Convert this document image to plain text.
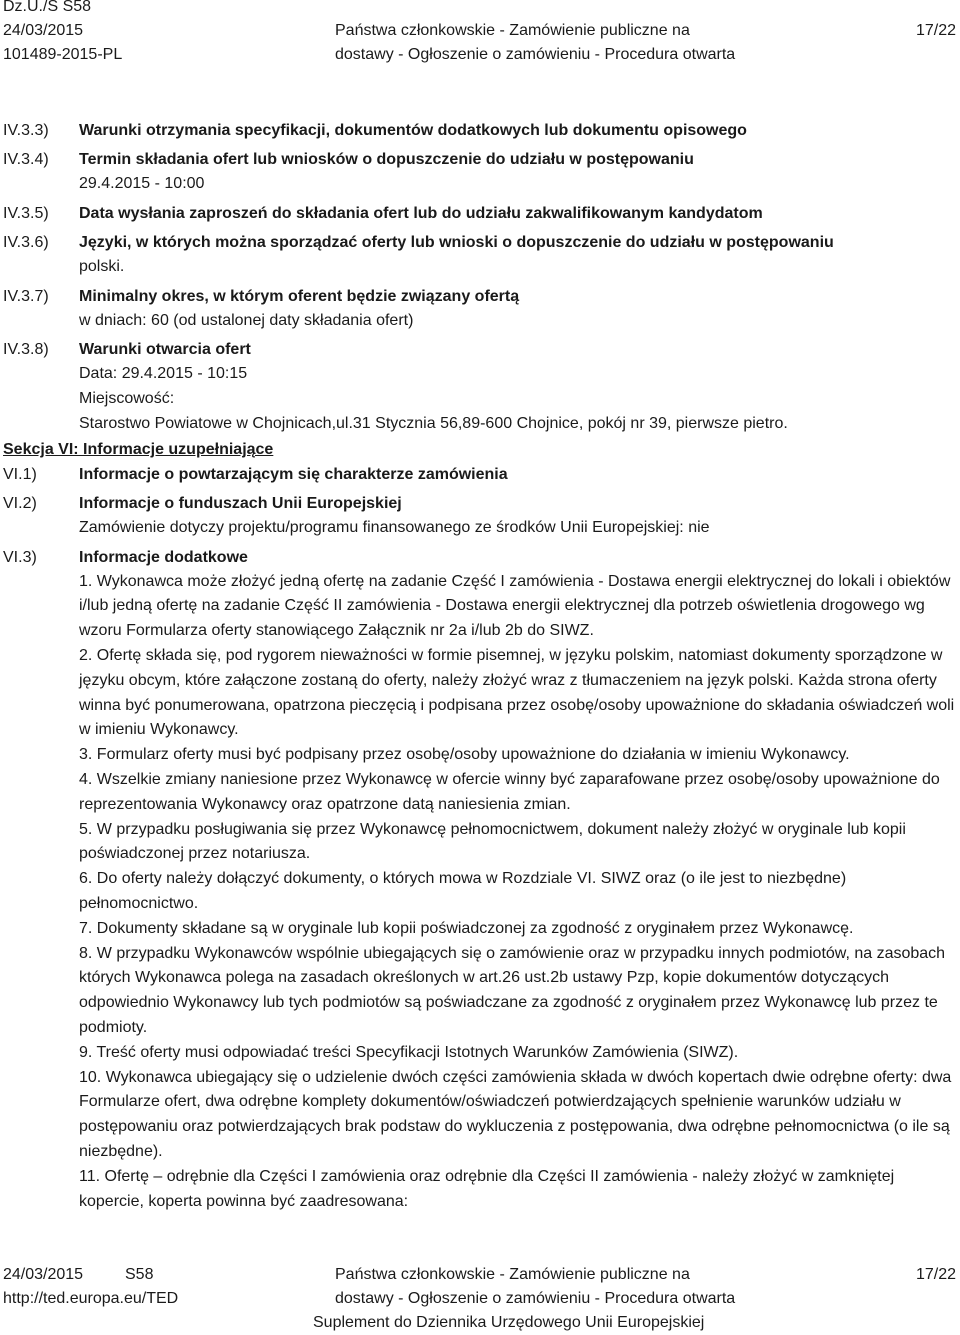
Dz.U./S S58
24/03/2015
101489-2015-PL
Państwa członkowskie - Zamówienie publiczne na
dostawy - Ogłoszenie o zamówieniu - Procedura otwarta
17/22
IV.3.3) Warunki otrzymania specyfikacji, dokumentów dodatkowych lub dokumentu opisowego
IV.3.4) Termin składania ofert lub wniosków o dopuszczenie do udziału w postępowaniu
29.4.2015 - 10:00
IV.3.5) Data wysłania zaproszeń do składania ofert lub do udziału zakwalifikowanym kandydatom
IV.3.6) Języki, w których można sporządzać oferty lub wnioski o dopuszczenie do udziału w postępowaniu
polski.
IV.3.7) Minimalny okres, w którym oferent będzie związany ofertą
w dniach: 60 (od ustalonej daty składania ofert)
IV.3.8) Warunki otwarcia ofert
Data: 29.4.2015 - 10:15
Miejscowość:
Starostwo Powiatowe w Chojnicach,ul.31 Stycznia 56,89-600 Chojnice, pokój nr 39, pierwsze pietro.
Sekcja VI: Informacje uzupełniające
VI.1)	Informacje o powtarzającym się charakterze zamówienia
VI.2)	Informacje o funduszach Unii Europejskiej
Zamówienie dotyczy projektu/programu finansowanego ze środków Unii Europejskiej: nie
VI.3)	Informacje dodatkowe
1. Wykonawca może złożyć jedną ofertę na zadanie Część I zamówienia - Dostawa energii elektrycznej do lokali i obiektów i/lub jedną ofertę na zadanie Część II zamówienia - Dostawa energii elektrycznej dla potrzeb oświetlenia drogowego wg wzoru Formularza oferty stanowiącego Załącznik nr 2a i/lub 2b do SIWZ.
2. Ofertę składa się, pod rygorem nieważności w formie pisemnej, w języku polskim, natomiast dokumenty sporządzone w języku obcym, które załączone zostaną do oferty, należy złożyć wraz z tłumaczeniem na język polski. Każda strona oferty winna być ponumerowana, opatrzona pieczęcią i podpisana przez osobę/osoby upoważnione do składania oświadczeń woli w imieniu Wykonawcy.
3. Formularz oferty musi być podpisany przez osobę/osoby upoważnione do działania w imieniu Wykonawcy.
4. Wszelkie zmiany naniesione przez Wykonawcę w ofercie winny być zaparafowane przez osobę/osoby upoważnione do reprezentowania Wykonawcy oraz opatrzone datą naniesienia zmian.
5. W przypadku posługiwania się przez Wykonawcę pełnomocnictwem, dokument należy złożyć w oryginale lub kopii poświadczonej przez notariusza.
6. Do oferty należy dołączyć dokumenty, o których mowa w Rozdziale VI. SIWZ oraz (o ile jest to niezbędne) pełnomocnictwo.
7. Dokumenty składane są w oryginale lub kopii poświadczonej za zgodność z oryginałem przez Wykonawcę.
8. W przypadku Wykonawców wspólnie ubiegających się o zamówienie oraz w przypadku innych podmiotów, na zasobach których Wykonawca polega na zasadach określonych w art.26 ust.2b ustawy Pzp, kopie dokumentów dotyczących odpowiednio Wykonawcy lub tych podmiotów są poświadczane za zgodność z oryginałem przez Wykonawcę lub przez te podmioty.
9. Treść oferty musi odpowiadać treści Specyfikacji Istotnych Warunków Zamówienia (SIWZ).
10. Wykonawca ubiegający się o udzielenie dwóch części zamówienia składa w dwóch kopertach dwie odrębne oferty: dwa Formularze ofert, dwa odrębne komplety dokumentów/oświadczeń potwierdzających spełnienie warunków udziału w postępowaniu oraz potwierdzających brak podstaw do wykluczenia z postępowania, dwa odrębne pełnomocnictwa (o ile są niezbędne).
11. Ofertę – odrębnie dla Części I zamówienia oraz odrębnie dla Części II zamówienia - należy złożyć w zamkniętej kopercie, koperta powinna być zaadresowana:
24/03/2015	S58
http://ted.europa.eu/TED
Państwa członkowskie - Zamówienie publiczne na
dostawy - Ogłoszenie o zamówieniu - Procedura otwarta
Suplement do Dziennika Urzędowego Unii Europejskiej
17/22
